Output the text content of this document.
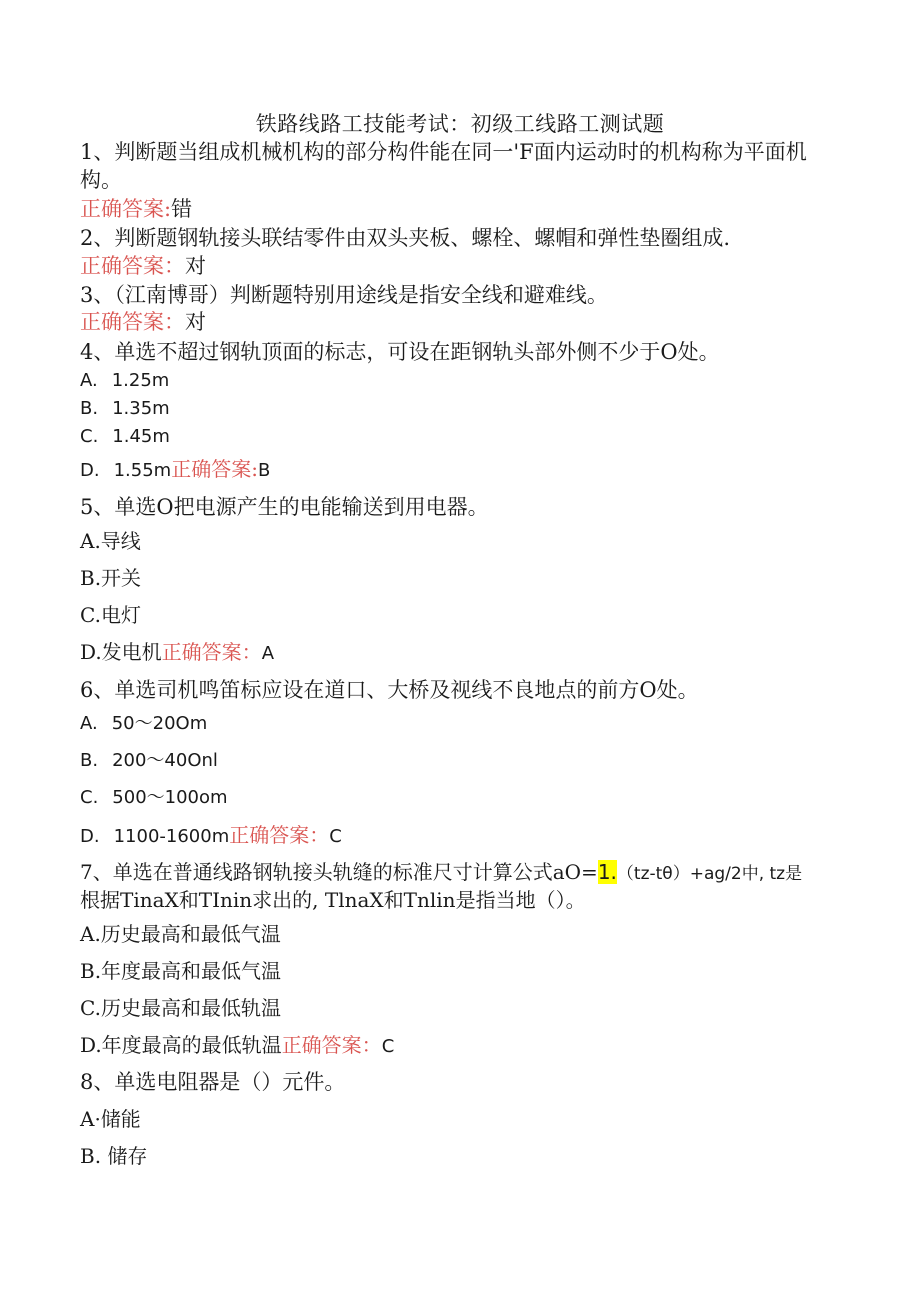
铁路线路工技能考试：初级工线路工测试题
1、判断题当组成机械机构的部分构件能在同一'F面内运动时的机构称为平面机
构。
正确答案:错
2、判断题钢轨接头联结零件由双头夹板、螺栓、螺帽和弹性垫圈组成.
正确答案：对
3、（江南博哥）判断题特别用途线是指安全线和避难线。
正确答案：对
4、单选不超过钢轨顶面的标志，可设在距钢轨头部外侧不少于O处。
A. 1.25m
B. 1.35m
C. 1.45m
D. 1.55m正确答案:B
5、单选O把电源产生的电能输送到用电器。
A.导线
B.开关
C.电灯
D.发电机正确答案：A
6、单选司机鸣笛标应设在道口、大桥及视线不良地点的前方O处。
A. 50～20Om
B. 200～40Onl
C. 500～100om
D. 1100-1600m正确答案：C
7、单选在普通线路钢轨接头轨缝的标准尺寸计算公式aO=1.（tz-tθ）+ag/2中, tz是
根据TinaX和TInin求出的, TlnaX和Tnlin是指当地（）。
A.历史最高和最低气温
B.年度最高和最低气温
C.历史最高和最低轨温
D.年度最高的最低轨温正确答案：C
8、单选电阻器是（）元件。
A·储能
B. 储存
